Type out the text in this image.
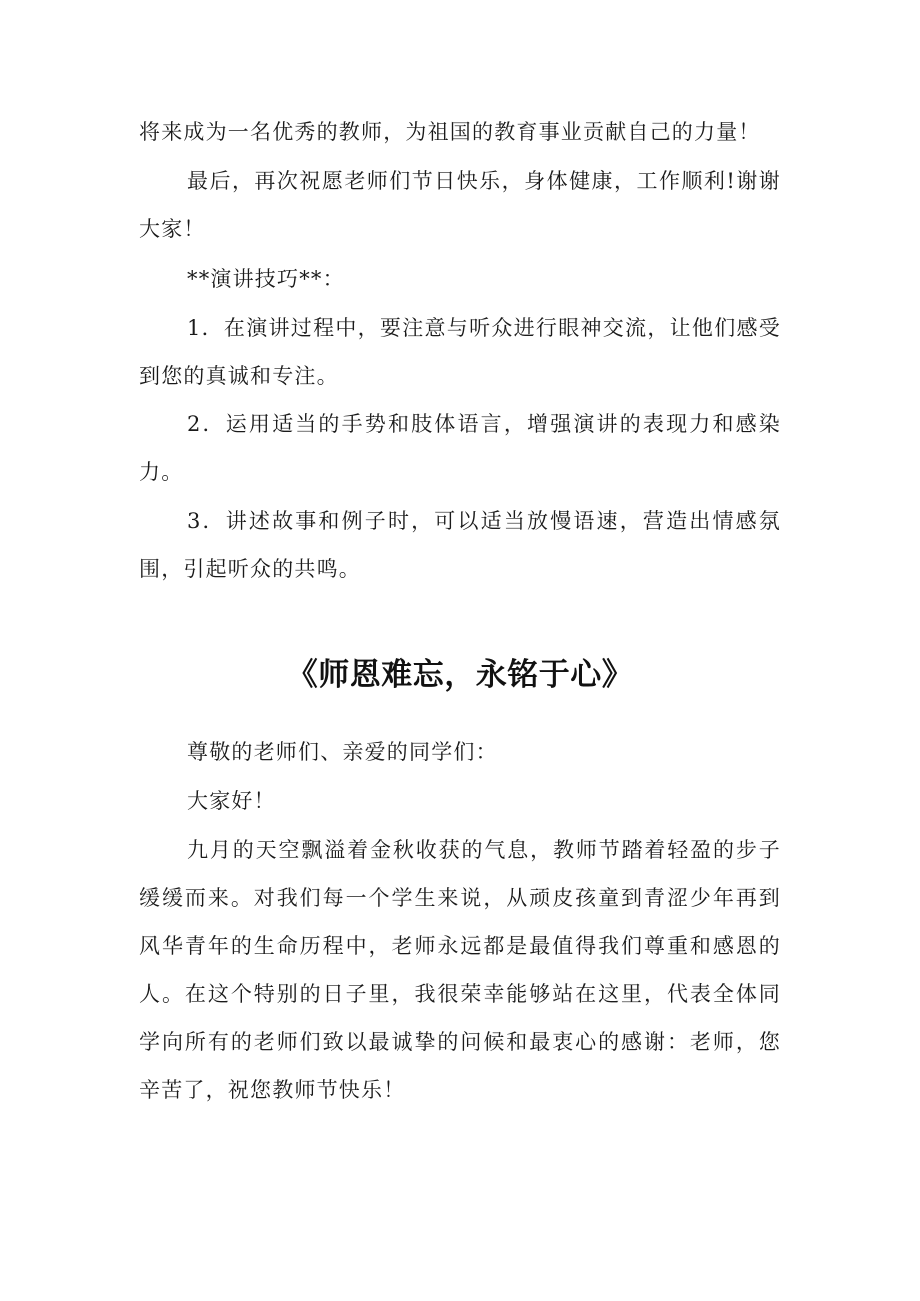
将来成为一名优秀的教师，为祖国的教育事业贡献自己的力量！

最后，再次祝愿老师们节日快乐，身体健康，工作顺利!谢谢大家！

**演讲技巧**：

1．在演讲过程中，要注意与听众进行眼神交流，让他们感受到您的真诚和专注。

2．运用适当的手势和肢体语言，增强演讲的表现力和感染力。

3．讲述故事和例子时，可以适当放慢语速，营造出情感氛围，引起听众的共鸣。

《师恩难忘，永铭于心》

尊敬的老师们、亲爱的同学们：

大家好！

九月的天空飘溢着金秋收获的气息，教师节踏着轻盈的步子缓缓而来。对我们每一个学生来说，从顽皮孩童到青涩少年再到风华青年的生命历程中，老师永远都是最值得我们尊重和感恩的人。在这个特别的日子里，我很荣幸能够站在这里，代表全体同学向所有的老师们致以最诚挚的问候和最衷心的感谢：老师，您辛苦了，祝您教师节快乐！
